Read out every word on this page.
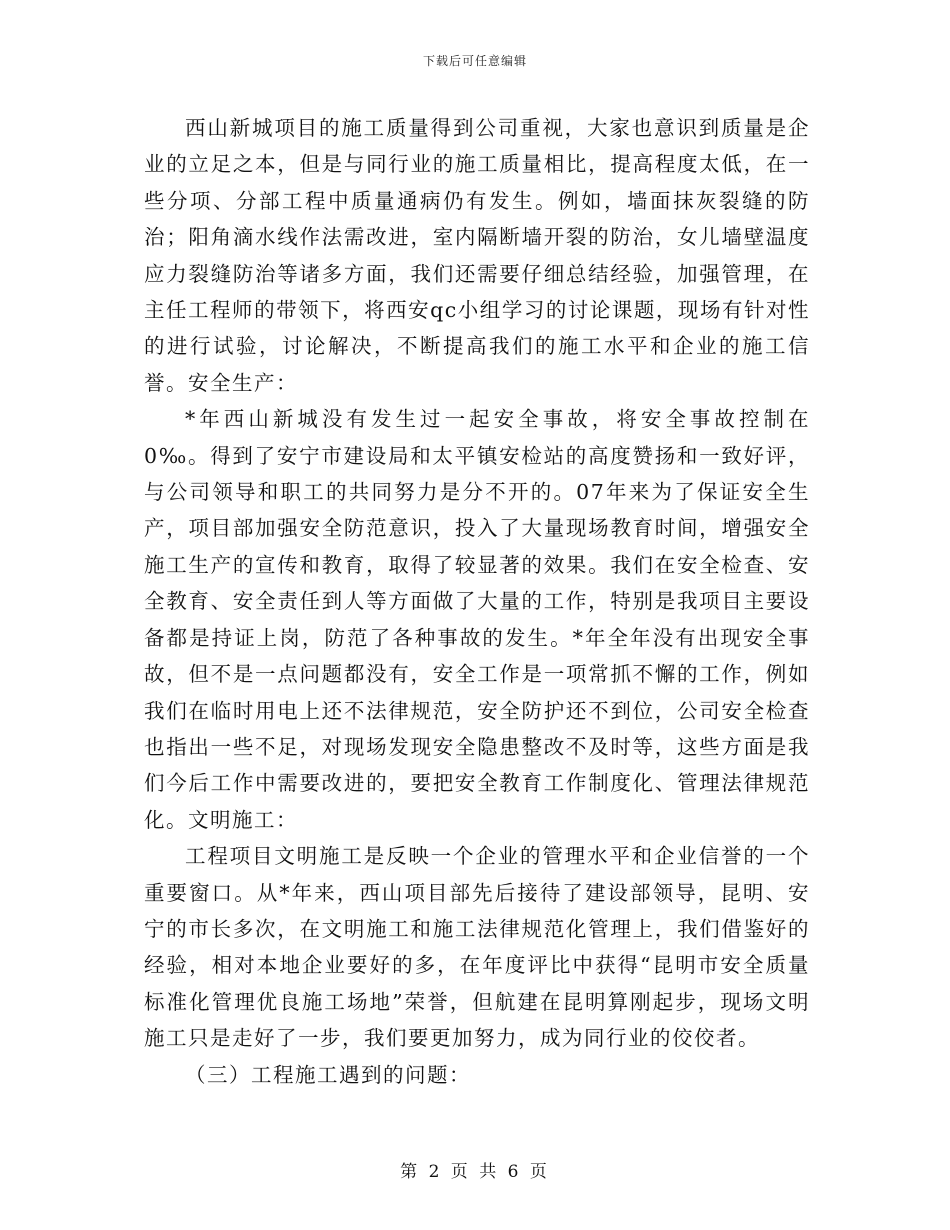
下载后可任意编辑

西山新城项目的施工质量得到公司重视，大家也意识到质量是企业的立足之本，但是与同行业的施工质量相比，提高程度太低，在一些分项、分部工程中质量通病仍有发生。例如，墙面抹灰裂缝的防治；阳角滴水线作法需改进，室内隔断墙开裂的防治，女儿墙壁温度应力裂缝防治等诸多方面，我们还需要仔细总结经验，加强管理，在主任工程师的带领下，将西安qc小组学习的讨论课题，现场有针对性的进行试验，讨论解决，不断提高我们的施工水平和企业的施工信誉。安全生产：

*年西山新城没有发生过一起安全事故，将安全事故控制在0‰。得到了安宁市建设局和太平镇安检站的高度赞扬和一致好评，与公司领导和职工的共同努力是分不开的。07年来为了保证安全生产，项目部加强安全防范意识，投入了大量现场教育时间，增强安全施工生产的宣传和教育，取得了较显著的效果。我们在安全检查、安全教育、安全责任到人等方面做了大量的工作，特别是我项目主要设备都是持证上岗，防范了各种事故的发生。*年全年没有出现安全事故，但不是一点问题都没有，安全工作是一项常抓不懈的工作，例如我们在临时用电上还不法律规范，安全防护还不到位，公司安全检查也指出一些不足，对现场发现安全隐患整改不及时等，这些方面是我们今后工作中需要改进的，要把安全教育工作制度化、管理法律规范化。文明施工：

工程项目文明施工是反映一个企业的管理水平和企业信誉的一个重要窗口。从*年来，西山项目部先后接待了建设部领导，昆明、安宁的市长多次，在文明施工和施工法律规范化管理上，我们借鉴好的经验，相对本地企业要好的多，在年度评比中获得“昆明市安全质量标准化管理优良施工场地”荣誉，但航建在昆明算刚起步，现场文明施工只是走好了一步，我们要更加努力，成为同行业的佼佼者。

（三）工程施工遇到的问题：

第 2 页 共 6 页
